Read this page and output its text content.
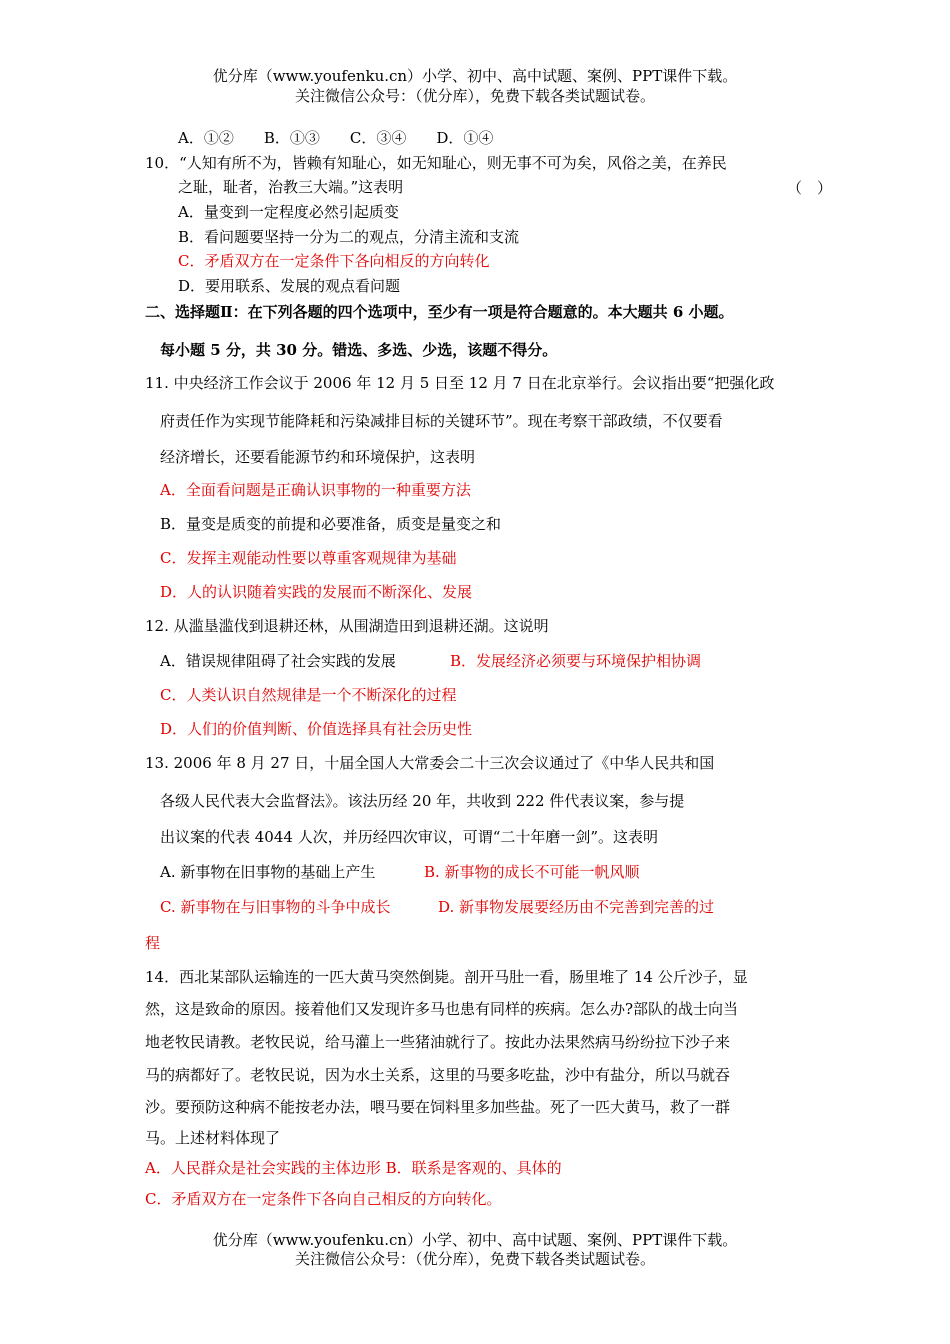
优分库（www.youfenku.cn）小学、初中、高中试题、案例、PPT课件下载。
关注微信公众号：（优分库），免费下载各类试题试卷。
A．①②　　B．①③　　C．③④　　D．①④
10．“人知有所不为，皆赖有知耻心，如无知耻心，则无事不可为矣，风俗之美，在养民
之耻，耻者，治教三大端。”这表明	（　）
A．量变到一定程度必然引起质变
B．看问题要坚持一分为二的观点，分清主流和支流
C．矛盾双方在一定条件下各向相反的方向转化
D．要用联系、发展的观点看问题
二、选择题Ⅱ：在下列各题的四个选项中，至少有一项是符合题意的。本大题共 6 小题。
每小题 5 分，共 30 分。错选、多选、少选，该题不得分。
11. 中央经济工作会议于 2006 年 12 月 5 日至 12 月 7 日在北京举行。会议指出要“把强化政
府责任作为实现节能降耗和污染减排目标的关键环节”。现在考察干部政绩，不仅要看
经济增长，还要看能源节约和环境保护，这表明
A．全面看问题是正确认识事物的一种重要方法
B．量变是质变的前提和必要准备，质变是量变之和
C．发挥主观能动性要以尊重客观规律为基础
D．人的认识随着实践的发展而不断深化、发展
12. 从滥垦滥伐到退耕还林，从围湖造田到退耕还湖。这说明
A．错误规律阻碍了社会实践的发展	B．发展经济必须要与环境保护相协调
C．人类认识自然规律是一个不断深化的过程
D．人们的价值判断、价值选择具有社会历史性
13. 2006 年 8 月 27 日，十届全国人大常委会二十三次会议通过了《中华人民共和国
各级人民代表大会监督法》。该法历经 20 年，共收到 222 件代表议案，参与提
出议案的代表 4044 人次，并历经四次审议，可谓“二十年磨一剑”。这表明
A. 新事物在旧事物的基础上产生	B. 新事物的成长不可能一帆风顺
C. 新事物在与旧事物的斗争中成长	D. 新事物发展要经历由不完善到完善的过
程
14．西北某部队运输连的一匹大黄马突然倒毙。剖开马肚一看，肠里堆了 14 公斤沙子，显
然，这是致命的原因。接着他们又发现许多马也患有同样的疾病。怎么办?部队的战士向当
地老牧民请教。老牧民说，给马灌上一些猪油就行了。按此办法果然病马纷纷拉下沙子来
马的病都好了。老牧民说，因为水土关系，这里的马要多吃盐，沙中有盐分，所以马就吞
沙。要预防这种病不能按老办法，喂马要在饲料里多加些盐。死了一匹大黄马，救了一群
马。上述材料体现了
A．人民群众是社会实践的主体边形 B．联系是客观的、具体的
C．矛盾双方在一定条件下各向自己相反的方向转化。
优分库（www.youfenku.cn）小学、初中、高中试题、案例、PPT课件下载。
关注微信公众号：（优分库），免费下载各类试题试卷。
